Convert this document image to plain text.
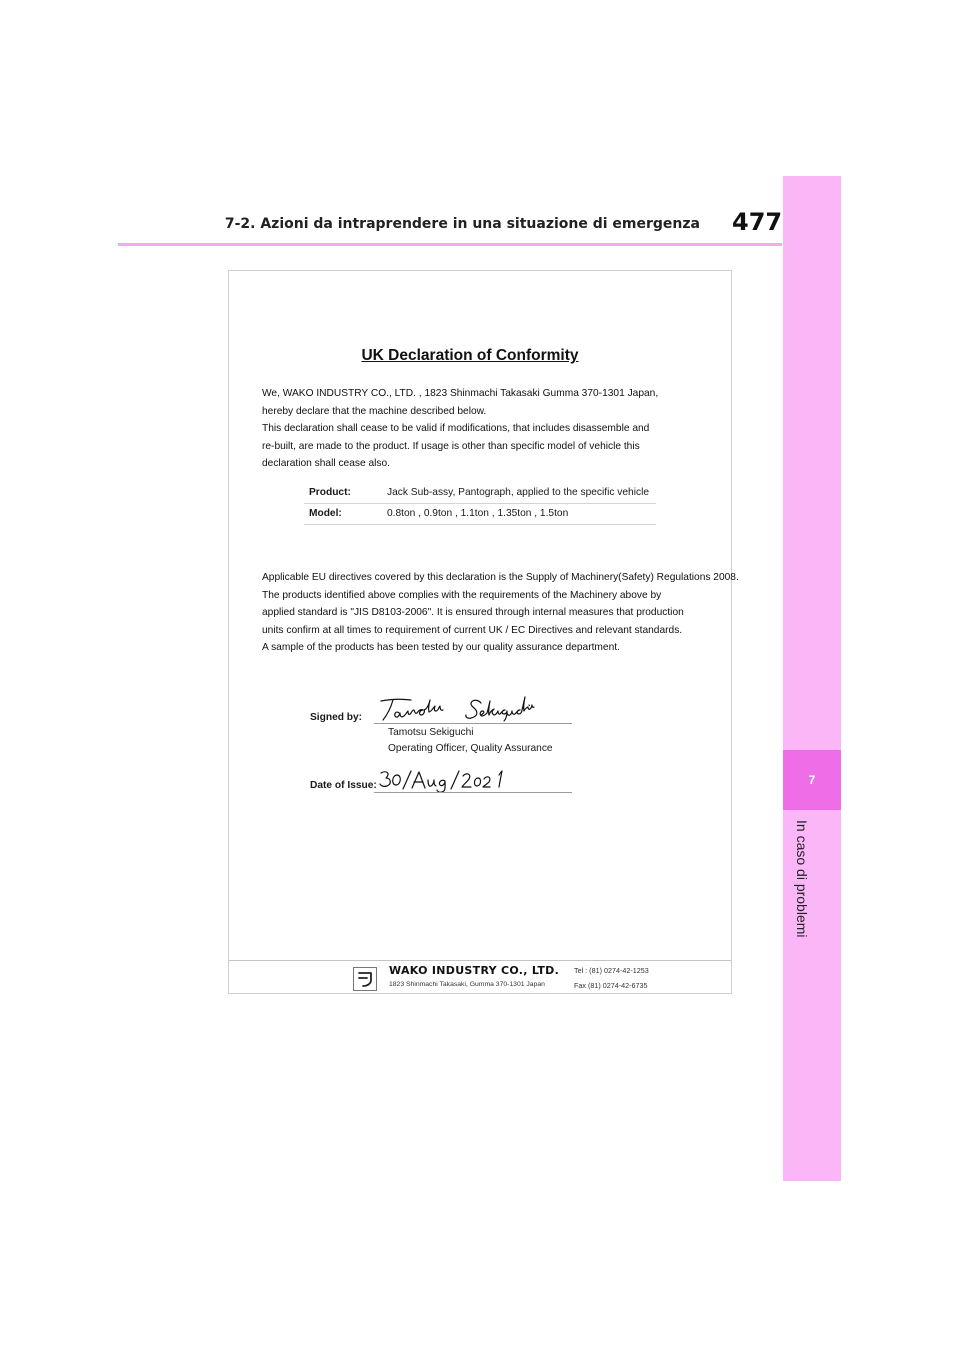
7-2. Azioni da intraprendere in una situazione di emergenza 477
7
In caso di problemi
UK Declaration of Conformity
We, WAKO INDUSTRY CO., LTD. , 1823 Shinmachi Takasaki Gumma 370-1301 Japan,
hereby declare that the machine described below.
This declaration shall cease to be valid if modifications, that includes disassemble and
re-built, are made to the product. If usage is other than specific model of vehicle this
declaration shall cease also.
Product:	Jack Sub-assy, Pantograph, applied to the specific vehicle
Model:	0.8ton , 0.9ton , 1.1ton , 1.35ton , 1.5ton
Applicable EU directives covered by this declaration is the Supply of Machinery(Safety) Regulations 2008.
The products identified above complies with the requirements of the Machinery above by
applied standard is "JIS D8103-2006". It is ensured through internal measures that production
units confirm at all times to requirement of current UK / EC Directives and relevant standards.
A sample of the products has been tested by our quality assurance department.
Signed by:
Tamotsu Sekiguchi
Operating Officer, Quality Assurance
Date of Issue:
WAKO INDUSTRY CO., LTD.
1823 Shinmachi Takasaki, Gumma 370-1301 Japan
Tel : (81) 0274-42-1253
Fax (81) 0274-42-6735
